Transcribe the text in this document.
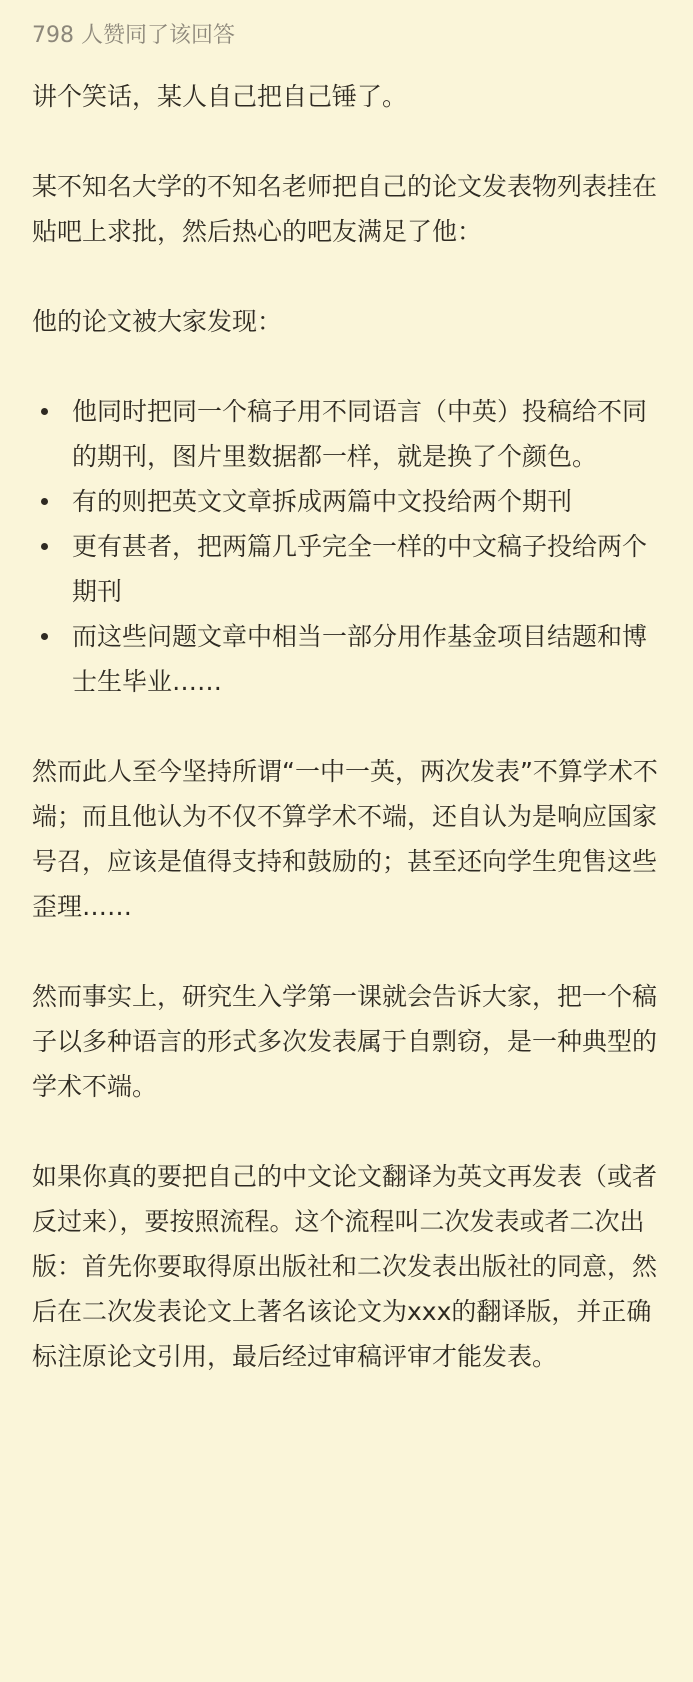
798 人赞同了该回答

讲个笑话，某人自己把自己锤了。

某不知名大学的不知名老师把自己的论文发表物列表挂在贴吧上求批，然后热心的吧友满足了他：

他的论文被大家发现：

他同时把同一个稿子用不同语言（中英）投稿给不同的期刊，图片里数据都一样，就是换了个颜色。
有的则把英文文章拆成两篇中文投给两个期刊
更有甚者，把两篇几乎完全一样的中文稿子投给两个期刊
而这些问题文章中相当一部分用作基金项目结题和博士生毕业……

然而此人至今坚持所谓“一中一英，两次发表”不算学术不端；而且他认为不仅不算学术不端，还自认为是响应国家号召，应该是值得支持和鼓励的；甚至还向学生兜售这些歪理……

然而事实上，研究生入学第一课就会告诉大家，把一个稿子以多种语言的形式多次发表属于自剽窃，是一种典型的学术不端。

如果你真的要把自己的中文论文翻译为英文再发表（或者反过来），要按照流程。这个流程叫二次发表或者二次出版：首先你要取得原出版社和二次发表出版社的同意，然后在二次发表论文上著名该论文为xxx的翻译版，并正确标注原论文引用，最后经过审稿评审才能发表。
